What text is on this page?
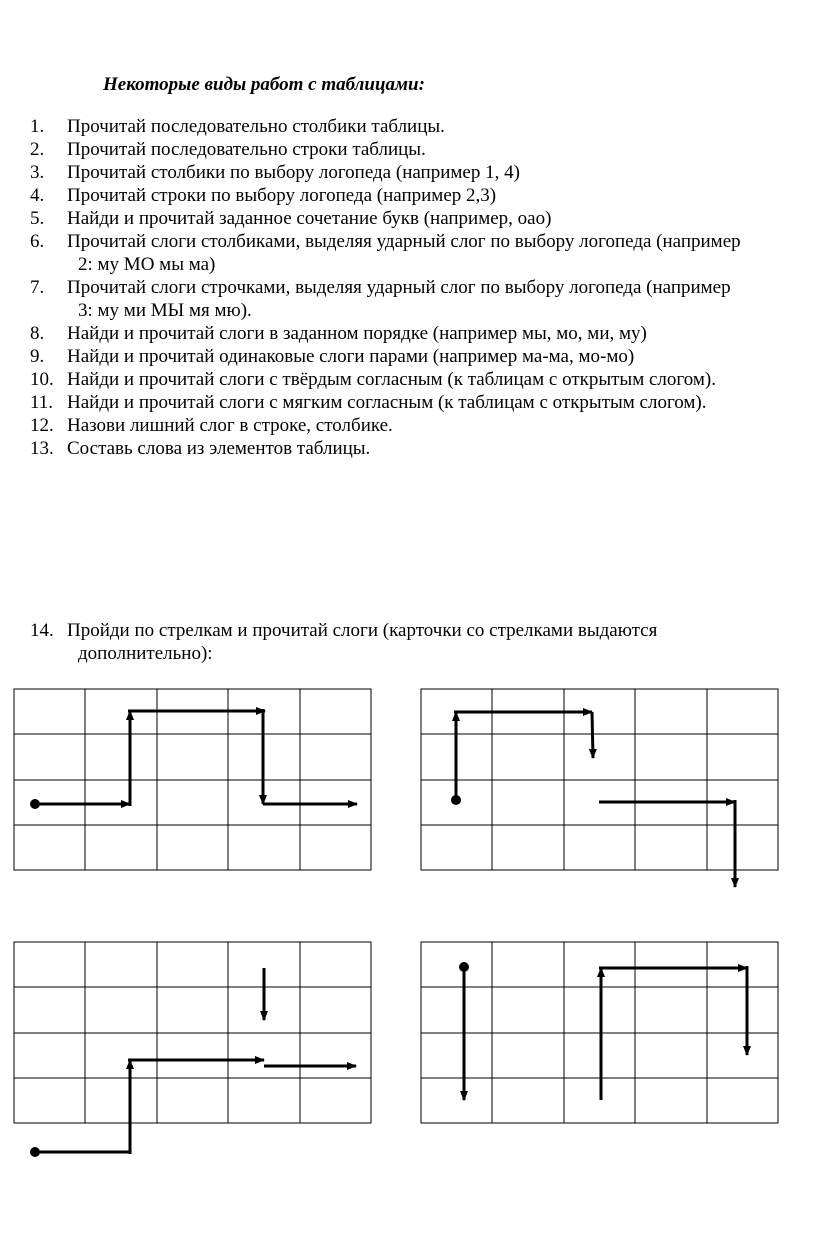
Некоторые виды работ с таблицами:
1. Прочитай последовательно столбики таблицы.
2. Прочитай последовательно строки таблицы.
3. Прочитай столбики по выбору логопеда (например 1, 4)
4. Прочитай строки по выбору логопеда (например 2,3)
5. Найди и прочитай заданное сочетание букв (например, оао)
6. Прочитай слоги столбиками, выделяя ударный слог по выбору логопеда (например
2: му МО мы ма)
7. Прочитай слоги строчками, выделяя ударный слог по выбору логопеда (например
3: му ми МЫ мя мю).
8. Найди и прочитай слоги в заданном порядке (например мы, мо, ми, му)
9. Найди и прочитай одинаковые слоги парами (например ма-ма, мо-мо)
10. Найди и прочитай слоги с твёрдым согласным (к таблицам с открытым слогом).
11. Найди и прочитай слоги с мягким согласным (к таблицам с открытым слогом).
12. Назови лишний слог в строке, столбике.
13. Составь слова из элементов таблицы.
14. Пройди по стрелкам и прочитай слоги (карточки со стрелками выдаются
дополнительно):
